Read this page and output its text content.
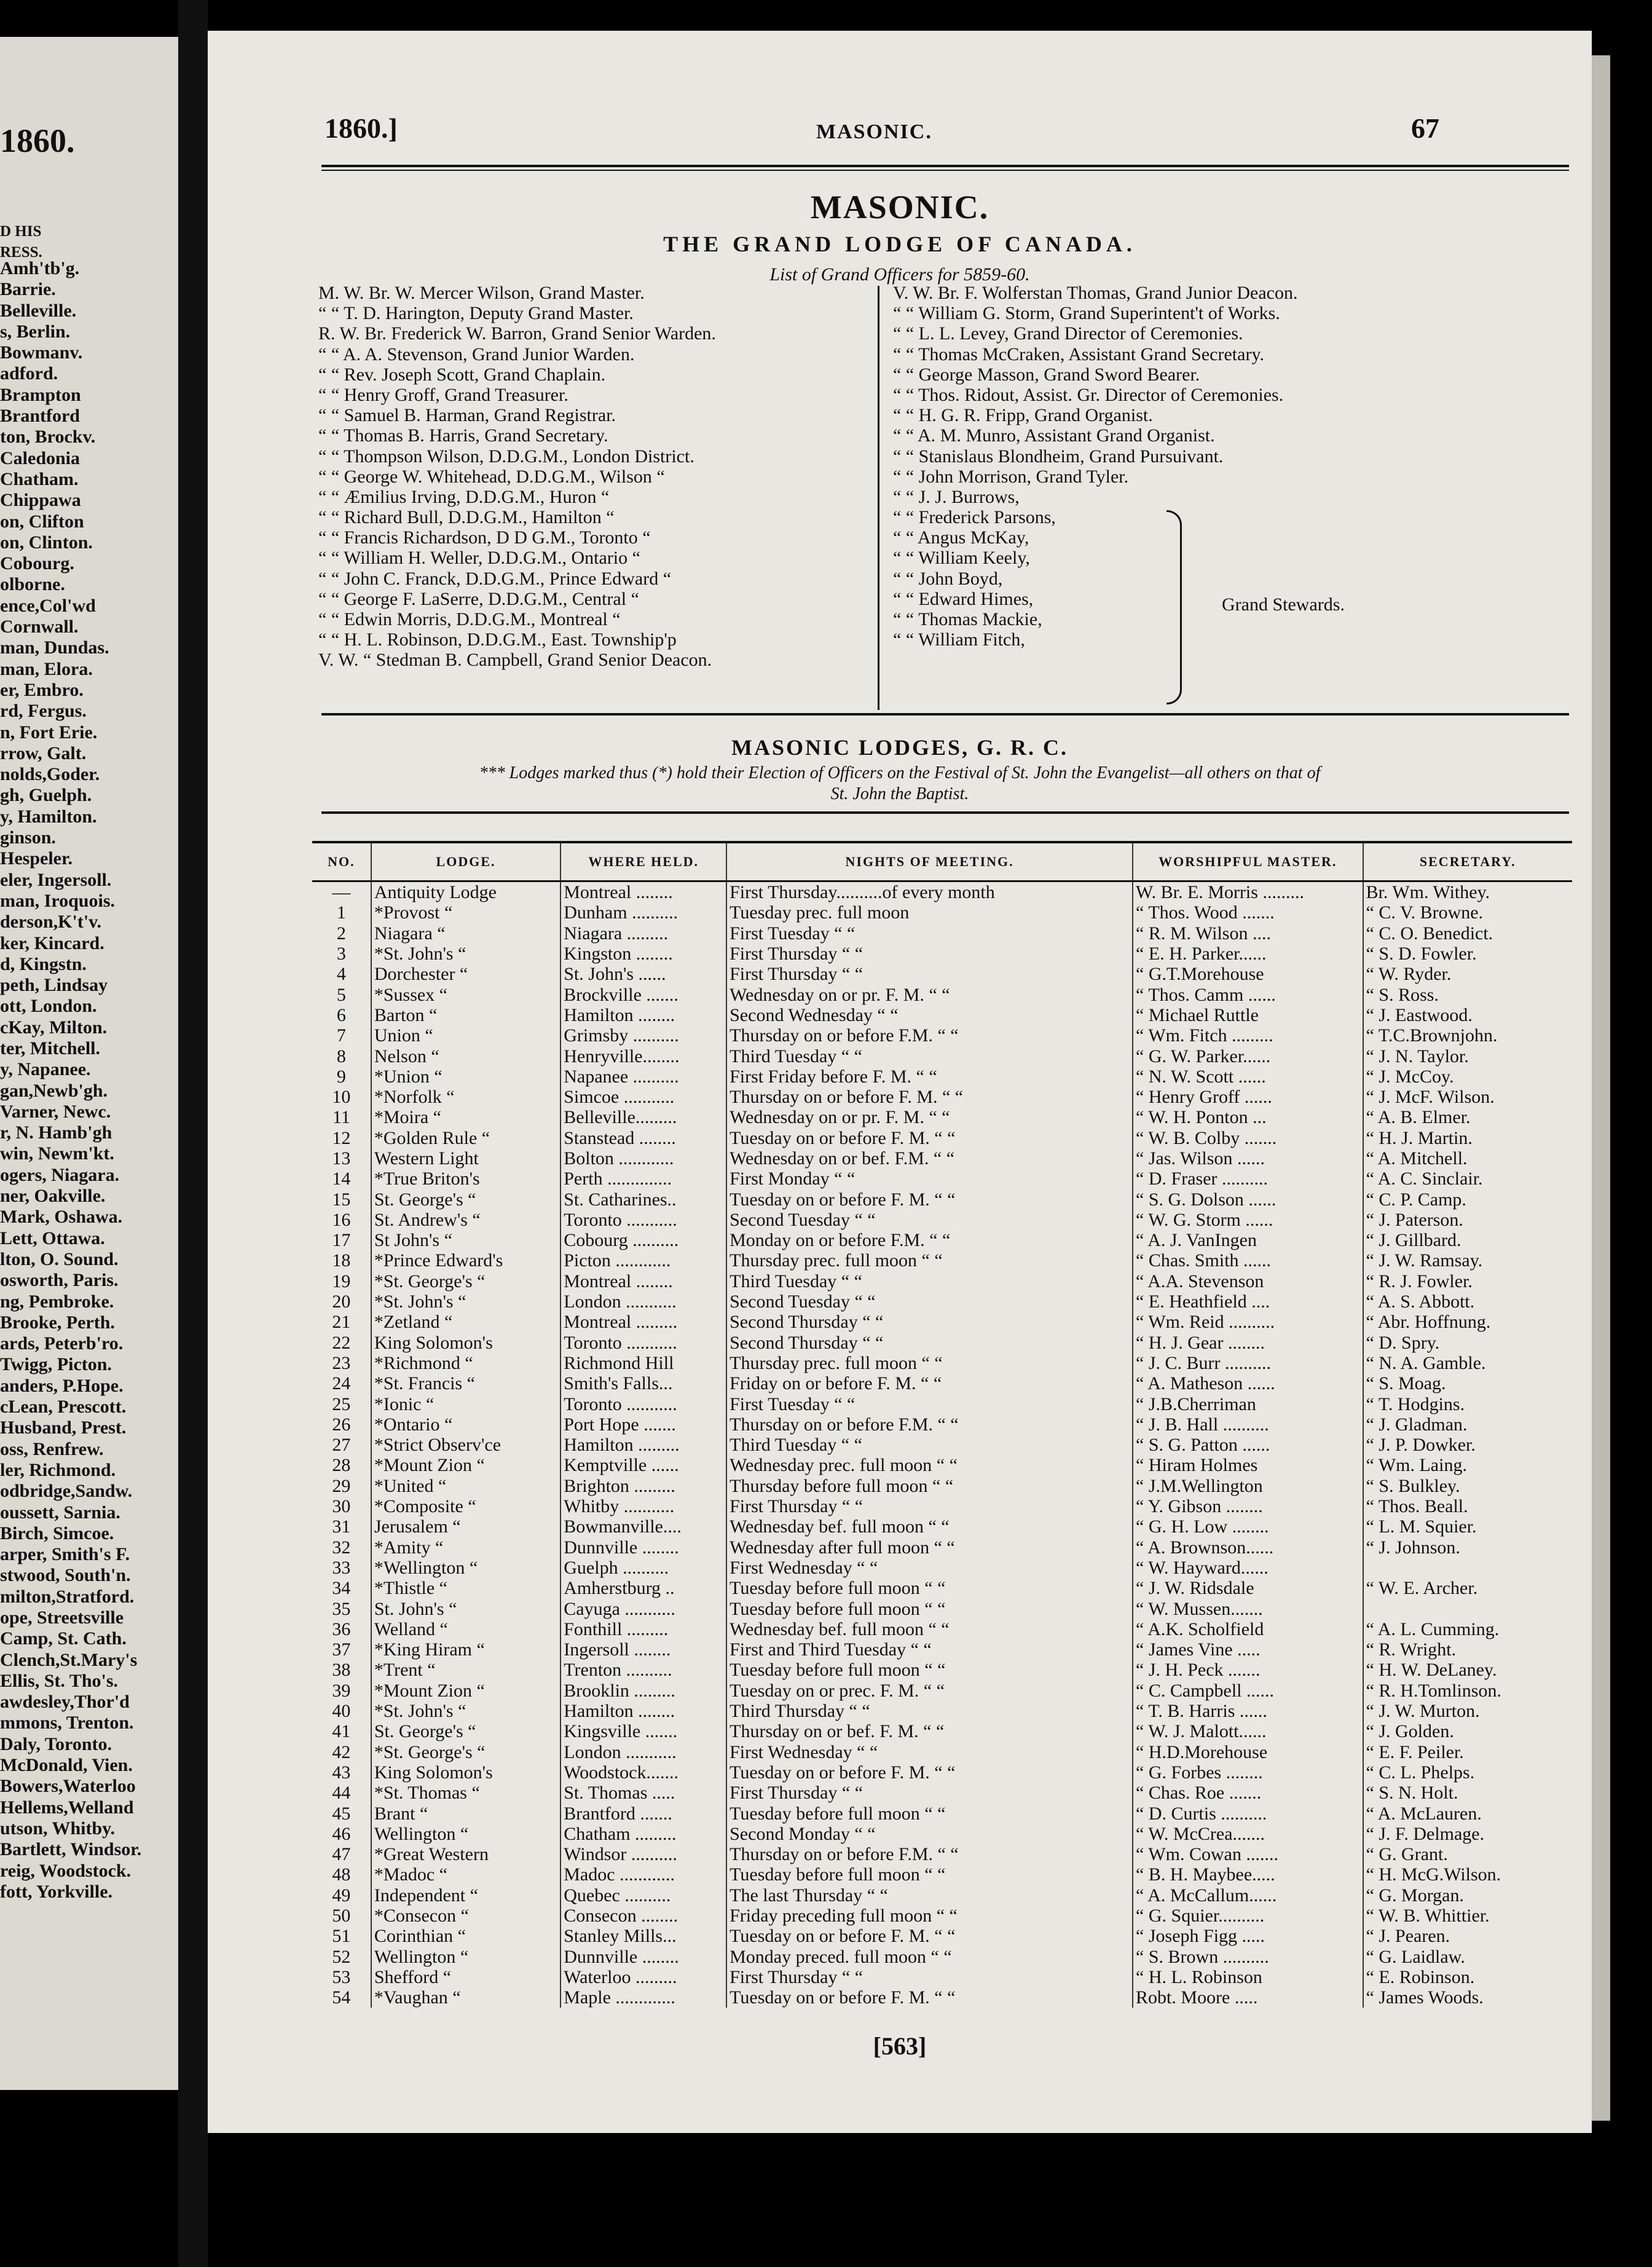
1860.
D HIS
RESS.
Amh'tb'g.
Barrie.
Belleville.
s, Berlin.
Bowmanv.
adford.
Brampton
Brantford
ton, Brockv.
Caledonia
Chatham.
Chippawa
on, Clifton
on, Clinton.
Cobourg.
olborne.
ence,Col'wd
Cornwall.
man, Dundas.
man, Elora.
er, Embro.
rd, Fergus.
n, Fort Erie.
rrow, Galt.
nolds,Goder.
gh, Guelph.
y, Hamilton.
ginson.
Hespeler.
eler, Ingersoll.
man, Iroquois.
derson,K't'v.
ker, Kincard.
d, Kingstn.
peth, Lindsay
ott, London.
cKay, Milton.
ter, Mitchell.
y, Napanee.
gan,Newb'gh.
Varner, Newc.
r, N. Hamb'gh
win, Newm'kt.
ogers, Niagara.
ner, Oakville.
Mark, Oshawa.
Lett, Ottawa.
lton, O. Sound.
osworth, Paris.
ng, Pembroke.
Brooke, Perth.
ards, Peterb'ro.
Twigg, Picton.
anders, P.Hope.
cLean, Prescott.
Husband, Prest.
oss, Renfrew.
ler, Richmond.
odbridge,Sandw.
oussett, Sarnia.
Birch, Simcoe.
arper, Smith's F.
stwood, South'n.
milton,Stratford.
ope, Streetsville
Camp, St. Cath.
Clench,St.Mary's
Ellis, St. Tho's.
awdesley,Thor'd
mmons, Trenton.
Daly, Toronto.
McDonald, Vien.
Bowers,Waterloo
Hellems,Welland
utson, Whitby.
Bartlett, Windsor.
reig, Woodstock.
fott, Yorkville.
1860.]	MASONIC.	67
MASONIC.
THE GRAND LODGE OF CANADA.
List of Grand Officers for 5859-60.
M. W. Br. W. Mercer Wilson, Grand Master.
“ “ T. D. Harington, Deputy Grand Master.
R. W. Br. Frederick W. Barron, Grand Senior Warden.
“ “ A. A. Stevenson, Grand Junior Warden.
“ “ Rev. Joseph Scott, Grand Chaplain.
“ “ Henry Groff, Grand Treasurer.
“ “ Samuel B. Harman, Grand Registrar.
“ “ Thomas B. Harris, Grand Secretary.
“ “ Thompson Wilson, D.D.G.M., London District.
“ “ George W. Whitehead, D.D.G.M., Wilson “
“ “ Æmilius Irving, D.D.G.M., Huron “
“ “ Richard Bull, D.D.G.M., Hamilton “
“ “ Francis Richardson, D D G.M., Toronto “
“ “ William H. Weller, D.D.G.M., Ontario “
“ “ John C. Franck, D.D.G.M., Prince Edward “
“ “ George F. LaSerre, D.D.G.M., Central “
“ “ Edwin Morris, D.D.G.M., Montreal “
“ “ H. L. Robinson, D.D.G.M., East. Township'p
V. W. “ Stedman B. Campbell, Grand Senior Deacon.
V. W. Br. F. Wolferstan Thomas, Grand Junior Deacon.
“ “ William G. Storm, Grand Superintent't of Works.
“ “ L. L. Levey, Grand Director of Ceremonies.
“ “ Thomas McCraken, Assistant Grand Secretary.
“ “ George Masson, Grand Sword Bearer.
“ “ Thos. Ridout, Assist. Gr. Director of Ceremonies.
“ “ H. G. R. Fripp, Grand Organist.
“ “ A. M. Munro, Assistant Grand Organist.
“ “ Stanislaus Blondheim, Grand Pursuivant.
“ “ John Morrison, Grand Tyler.
“ “ J. J. Burrows,
“ “ Frederick Parsons,
“ “ Angus McKay,
“ “ William Keely,
“ “ John Boyd,
“ “ Edward Himes,
“ “ Thomas Mackie,
“ “ William Fitch,
Grand Stewards.
MASONIC LODGES, G. R. C.
*** Lodges marked thus (*) hold their Election of Officers on the Festival of St. John the Evangelist—all others on that of
St. John the Baptist.
NO.	LODGE.	WHERE HELD.	NIGHTS OF MEETING.	WORSHIPFUL MASTER.	SECRETARY.
—	Antiquity Lodge	Montreal ........	First Thursday..........of every month	W. Br. E. Morris .........	Br. Wm. Withey.
1	*Provost “	Dunham ..........	Tuesday prec. full moon	“ Thos. Wood .......	“ C. V. Browne.
2	Niagara “	Niagara .........	First Tuesday “ “	“ R. M. Wilson ....	“ C. O. Benedict.
3	*St. John's “	Kingston ........	First Thursday “ “	“ E. H. Parker......	“ S. D. Fowler.
4	Dorchester “	St. John's ......	First Thursday “ “	“ G.T.Morehouse	“ W. Ryder.
5	*Sussex “	Brockville .......	Wednesday on or pr. F. M. “ “	“ Thos. Camm ......	“ S. Ross.
6	Barton “	Hamilton ........	Second Wednesday “ “	“ Michael Ruttle	“ J. Eastwood.
7	Union “	Grimsby ..........	Thursday on or before F.M. “ “	“ Wm. Fitch .........	“ T.C.Brownjohn.
8	Nelson “	Henryville........	Third Tuesday “ “	“ G. W. Parker......	“ J. N. Taylor.
9	*Union “	Napanee ..........	First Friday before F. M. “ “	“ N. W. Scott ......	“ J. McCoy.
10	*Norfolk “	Simcoe ...........	Thursday on or before F. M. “ “	“ Henry Groff ......	“ J. McF. Wilson.
11	*Moira “	Belleville.........	Wednesday on or pr. F. M. “ “	“ W. H. Ponton ...	“ A. B. Elmer.
12	*Golden Rule “	Stanstead ........	Tuesday on or before F. M. “ “	“ W. B. Colby .......	“ H. J. Martin.
13	Western Light	Bolton ............	Wednesday on or bef. F.M. “ “	“ Jas. Wilson ......	“ A. Mitchell.
14	*True Briton's	Perth ..............	First Monday “ “	“ D. Fraser ..........	“ A. C. Sinclair.
15	St. George's “	St. Catharines..	Tuesday on or before F. M. “ “	“ S. G. Dolson ......	“ C. P. Camp.
16	St. Andrew's “	Toronto ...........	Second Tuesday “ “	“ W. G. Storm ......	“ J. Paterson.
17	St John's “	Cobourg ..........	Monday on or before F.M. “ “	“ A. J. VanIngen	“ J. Gillbard.
18	*Prince Edward's	Picton ............	Thursday prec. full moon “ “	“ Chas. Smith ......	“ J. W. Ramsay.
19	*St. George's “	Montreal ........	Third Tuesday “ “	“ A.A. Stevenson	“ R. J. Fowler.
20	*St. John's “	London ...........	Second Tuesday “ “	“ E. Heathfield ....	“ A. S. Abbott.
21	*Zetland “	Montreal .........	Second Thursday “ “	“ Wm. Reid ..........	“ Abr. Hoffnung.
22	King Solomon's	Toronto ...........	Second Thursday “ “	“ H. J. Gear ........	“ D. Spry.
23	*Richmond “	Richmond Hill	Thursday prec. full moon “ “	“ J. C. Burr ..........	“ N. A. Gamble.
24	*St. Francis “	Smith's Falls...	Friday on or before F. M. “ “	“ A. Matheson ......	“ S. Moag.
25	*Ionic “	Toronto ...........	First Tuesday “ “	“ J.B.Cherriman	“ T. Hodgins.
26	*Ontario “	Port Hope .......	Thursday on or before F.M. “ “	“ J. B. Hall ..........	“ J. Gladman.
27	*Strict Observ'ce	Hamilton .........	Third Tuesday “ “	“ S. G. Patton ......	“ J. P. Dowker.
28	*Mount Zion “	Kemptville ......	Wednesday prec. full moon “ “	“ Hiram Holmes	“ Wm. Laing.
29	*United “	Brighton .........	Thursday before full moon “ “	“ J.M.Wellington	“ S. Bulkley.
30	*Composite “	Whitby ...........	First Thursday “ “	“ Y. Gibson ........	“ Thos. Beall.
31	Jerusalem “	Bowmanville....	Wednesday bef. full moon “ “	“ G. H. Low ........	“ L. M. Squier.
32	*Amity “	Dunnville ........	Wednesday after full moon “ “	“ A. Brownson......	“ J. Johnson.
33	*Wellington “	Guelph ..........	First Wednesday “ “	“ W. Hayward......	
34	*Thistle “	Amherstburg ..	Tuesday before full moon “ “	“ J. W. Ridsdale	“ W. E. Archer.
35	St. John's “	Cayuga ...........	Tuesday before full moon “ “	“ W. Mussen.......	
36	Welland “	Fonthill .........	Wednesday bef. full moon “ “	“ A.K. Scholfield	“ A. L. Cumming.
37	*King Hiram “	Ingersoll ........	First and Third Tuesday “ “	“ James Vine .....	“ R. Wright.
38	*Trent “	Trenton ..........	Tuesday before full moon “ “	“ J. H. Peck .......	“ H. W. DeLaney.
39	*Mount Zion “	Brooklin .........	Tuesday on or prec. F. M. “ “	“ C. Campbell ......	“ R. H.Tomlinson.
40	*St. John's “	Hamilton ........	Third Thursday “ “	“ T. B. Harris ......	“ J. W. Murton.
41	St. George's “	Kingsville .......	Thursday on or bef. F. M. “ “	“ W. J. Malott......	“ J. Golden.
42	*St. George's “	London ...........	First Wednesday “ “	“ H.D.Morehouse	“ E. F. Peiler.
43	King Solomon's	Woodstock.......	Tuesday on or before F. M. “ “	“ G. Forbes ........	“ C. L. Phelps.
44	*St. Thomas “	St. Thomas .....	First Thursday “ “	“ Chas. Roe .......	“ S. N. Holt.
45	Brant “	Brantford .......	Tuesday before full moon “ “	“ D. Curtis ..........	“ A. McLauren.
46	Wellington “	Chatham .........	Second Monday “ “	“ W. McCrea.......	“ J. F. Delmage.
47	*Great Western	Windsor ..........	Thursday on or before F.M. “ “	“ Wm. Cowan .......	“ G. Grant.
48	*Madoc “	Madoc ............	Tuesday before full moon “ “	“ B. H. Maybee.....	“ H. McG.Wilson.
49	Independent “	Quebec ..........	The last Thursday “ “	“ A. McCallum......	“ G. Morgan.
50	*Consecon “	Consecon ........	Friday preceding full moon “ “	“ G. Squier..........	“ W. B. Whittier.
51	Corinthian “	Stanley Mills...	Tuesday on or before F. M. “ “	“ Joseph Figg .....	“ J. Pearen.
52	Wellington “	Dunnville ........	Monday preced. full moon “ “	“ S. Brown ..........	“ G. Laidlaw.
53	Shefford “	Waterloo .........	First Thursday “ “	“ H. L. Robinson	“ E. Robinson.
54	*Vaughan “	Maple .............	Tuesday on or before F. M. “ “	Robt. Moore .....	“ James Woods.
[563]
